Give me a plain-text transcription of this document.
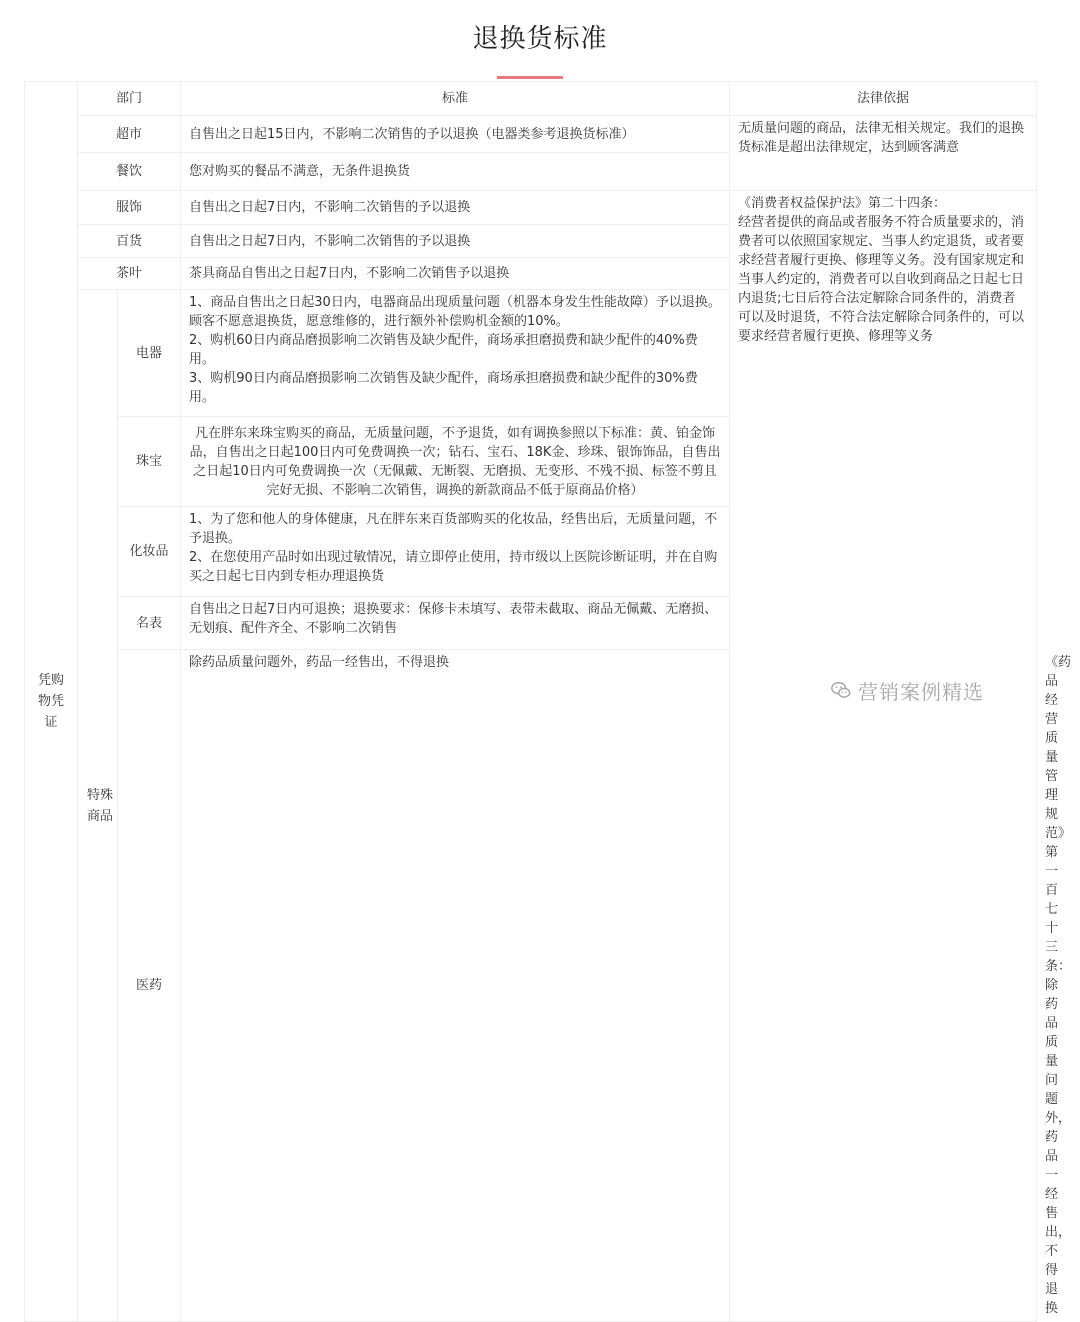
退换货标准
凭购物凭证	部门		标准	法律依据	
	超市		自售出之日起15日内，不影响二次销售的予以退换（电器类参考退换货标准）	无质量问题的商品，法律无相关规定。我们的退换货标准是超出法律规定，达到顾客满意	
	餐饮		您对购买的餐品不满意，无条件退换货		
	服饰		自售出之日起7日内，不影响二次销售的予以退换	《消费者权益保护法》第二十四条：
经营者提供的商品或者服务不符合质量要求的，消费者可以依照国家规定、当事人约定退货，或者要求经营者履行更换、修理等义务。没有国家规定和当事人约定的，消费者可以自收到商品之日起七日内退货;七日后符合法定解除合同条件的，消费者可以及时退货，不符合法定解除合同条件的，可以要求经营者履行更换、修理等义务	

	百货		自售出之日起7日内，不影响二次销售的予以退换		
	茶叶		茶具商品自售出之日起7日内，不影响二次销售予以退换		

	特殊商品	电器	1、商品自售出之日起30日内，电器商品出现质量问题（机器本身发生性能故障）予以退换。顾客不愿意退换货，愿意维修的，进行额外补偿购机金额的10%。
2、购机60日内商品磨损影响二次销售及缺少配件，商场承担磨损费和缺少配件的40%费用。
3、购机90日内商品磨损影响二次销售及缺少配件，商场承担磨损费和缺少配件的30%费用。		

		珠宝	凡在胖东来珠宝购买的商品，无质量问题，不予退货，如有调换参照以下标准：黄、铂金饰品，自售出之日起100日内可免费调换一次；钻石、宝石、18K金、珍珠、银饰饰品，自售出之日起10日内可免费调换一次（无佩戴、无断裂、无磨损、无变形、不残不损、标签不剪且完好无损、不影响二次销售，调换的新款商品不低于原商品价格）		
		化妆品	1、为了您和他人的身体健康，凡在胖东来百货部购买的化妆品，经售出后，无质量问题，不予退换。
2、在您使用产品时如出现过敏情况，请立即停止使用，持市级以上医院诊断证明，并在自购买之日起七日内到专柜办理退换货		

		名表	自售出之日起7日内可退换；退换要求：保修卡未填写、表带未截取、商品无佩戴、无磨损、无划痕、配件齐全、不影响二次销售		
		医药	除药品质量问题外，药品一经售出，不得退换		《药品经营质量管理规范》第一百七十三条：
除药品质量问题外，药品一经售出，不得退换
营销案例精选
